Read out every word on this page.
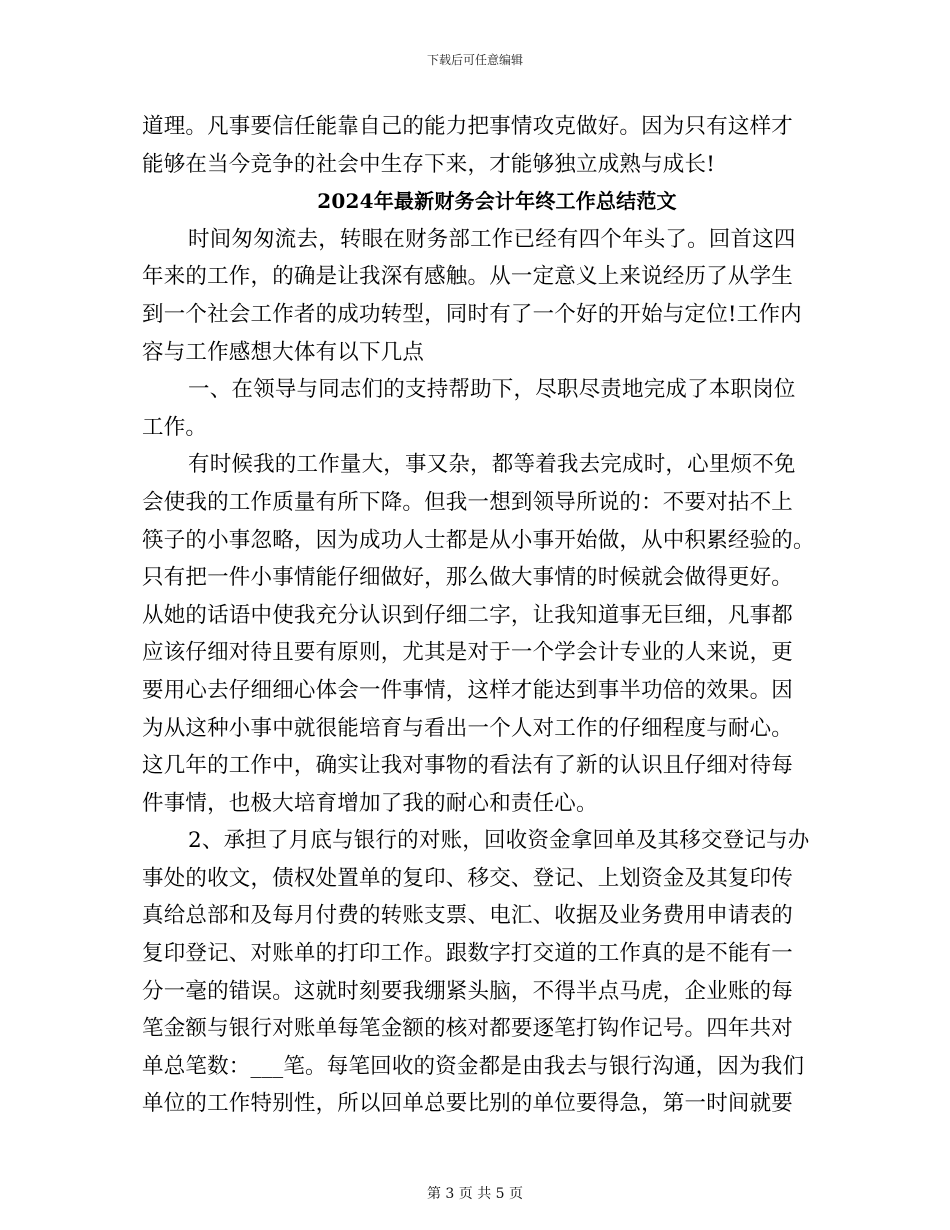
下载后可任意编辑
道理。凡事要信任能靠自己的能力把事情攻克做好。因为只有这样才
能够在当今竞争的社会中生存下来，才能够独立成熟与成长!
2024年最新财务会计年终工作总结范文
时间匆匆流去，转眼在财务部工作已经有四个年头了。回首这四
年来的工作，的确是让我深有感触。从一定意义上来说经历了从学生
到一个社会工作者的成功转型，同时有了一个好的开始与定位!工作内
容与工作感想大体有以下几点
一、在领导与同志们的支持帮助下，尽职尽责地完成了本职岗位
工作。
有时候我的工作量大，事又杂，都等着我去完成时，心里烦不免
会使我的工作质量有所下降。但我一想到领导所说的：不要对拈不上
筷子的小事忽略，因为成功人士都是从小事开始做，从中积累经验的。
只有把一件小事情能仔细做好，那么做大事情的时候就会做得更好。
从她的话语中使我充分认识到仔细二字，让我知道事无巨细，凡事都
应该仔细对待且要有原则，尤其是对于一个学会计专业的人来说，更
要用心去仔细细心体会一件事情，这样才能达到事半功倍的效果。因
为从这种小事中就很能培育与看出一个人对工作的仔细程度与耐心。
这几年的工作中，确实让我对事物的看法有了新的认识且仔细对待每
件事情，也极大培育增加了我的耐心和责任心。
2、承担了月底与银行的对账，回收资金拿回单及其移交登记与办
事处的收文，债权处置单的复印、移交、登记、上划资金及其复印传
真给总部和及每月付费的转账支票、电汇、收据及业务费用申请表的
复印登记、对账单的打印工作。跟数字打交道的工作真的是不能有一
分一毫的错误。这就时刻要我绷紧头脑，不得半点马虎，企业账的每
笔金额与银行对账单每笔金额的核对都要逐笔打钩作记号。四年共对
单总笔数：___笔。每笔回收的资金都是由我去与银行沟通，因为我们
单位的工作特别性，所以回单总要比别的单位要得急，第一时间就要
第 3 页 共 5 页
